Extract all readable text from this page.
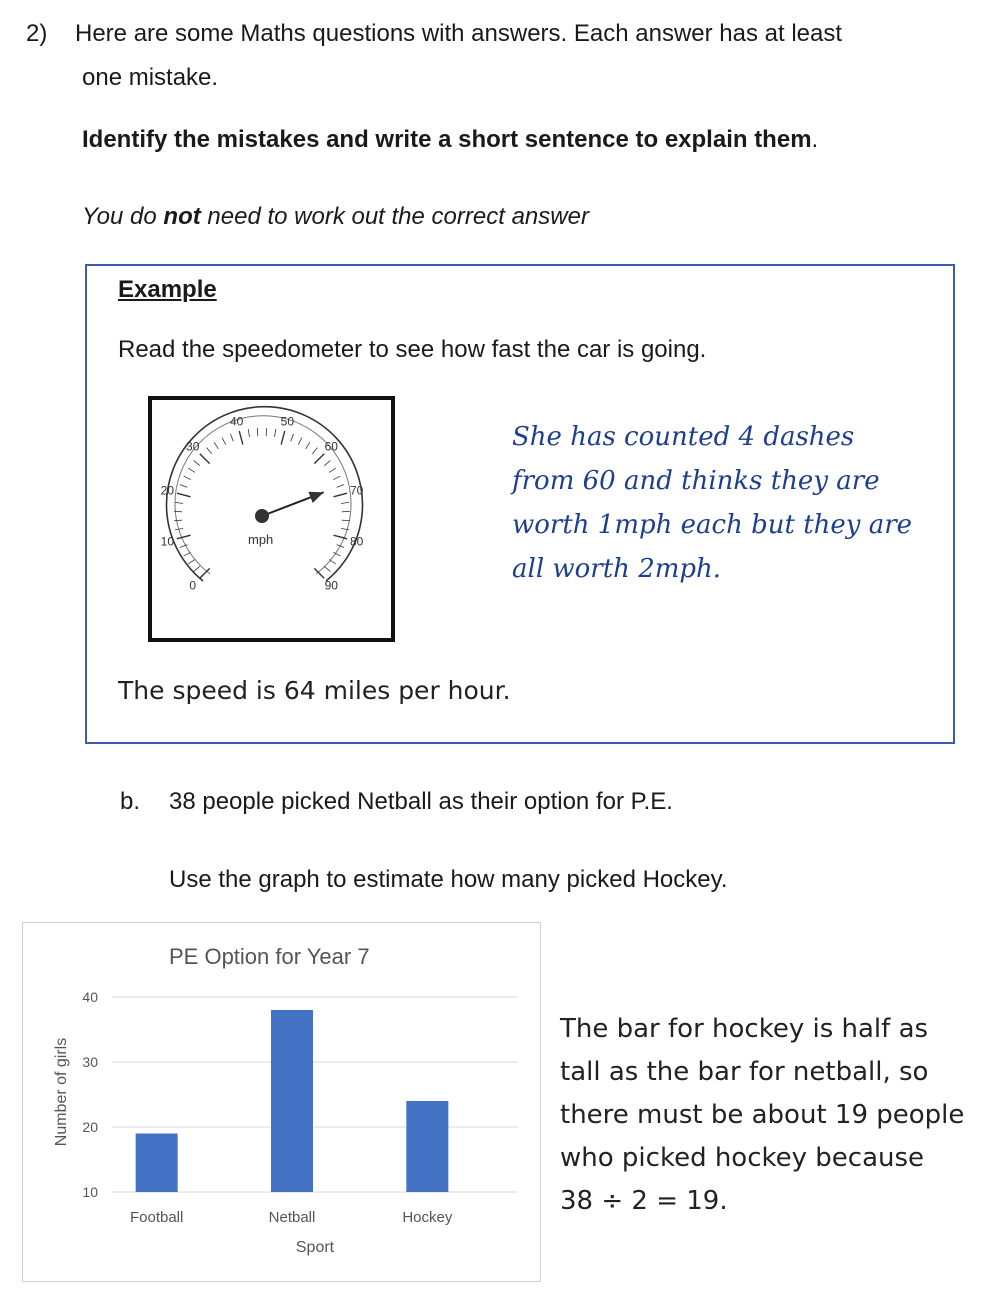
2) Here are some Maths questions with answers. Each answer has at least
one mistake.
Identify the mistakes and write a short sentence to explain them.
You do not need to work out the correct answer
Example
Read the speedometer to see how fast the car is going.
0
10
20
30
40	50
60
70
80
90
mph
She has counted 4 dashes
from 60 and thinks they are
worth 1mph each but they are
all worth 2mph.
The speed is 64 miles per hour.
b. 38 people picked Netball as their option for P.E.
Use the graph to estimate how many picked Hockey.
PE Option for Year 7
10
20
30
40
Football	Netball	Hockey
Sport
Number of girls
The bar for hockey is half as
tall as the bar for netball, so
there must be about 19 people
who picked hockey because
38 ÷ 2 = 19.
